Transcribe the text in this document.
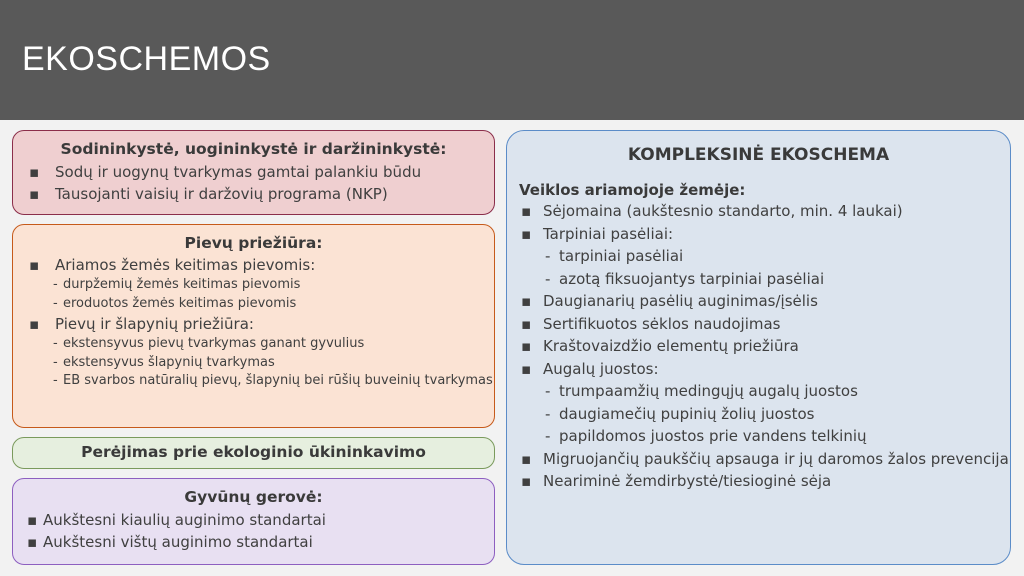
EKOSCHEMOS
Sodininkystė, uogininkystė ir daržininkystė:
▪ Sodų ir uogynų tvarkymas gamtai palankiu būdu
▪ Tausojanti vaisių ir daržovių programa (NKP)
Pievų priežiūra:
▪ Ariamos žemės keitimas pievomis:
- durpžemių žemės keitimas pievomis
- eroduotos žemės keitimas pievomis
▪ Pievų ir šlapynių priežiūra:
- ekstensyvus pievų tvarkymas ganant gyvulius
- ekstensyvus šlapynių tvarkymas
- EB svarbos natūralių pievų, šlapynių bei rūšių buveinių tvarkymas
Perėjimas prie ekologinio ūkininkavimo
Gyvūnų gerovė:
▪ Aukštesni kiaulių auginimo standartai
▪ Aukštesni vištų auginimo standartai
KOMPLEKSINĖ EKOSCHEMA
Veiklos ariamojoje žemėje:
▪ Sėjomaina (aukštesnio standarto, min. 4 laukai)
▪ Tarpiniai pasėliai:
- tarpiniai pasėliai
- azotą fiksuojantys tarpiniai pasėliai
▪ Daugianarių pasėlių auginimas/įsėlis
▪ Sertifikuotos sėklos naudojimas
▪ Kraštovaizdžio elementų priežiūra
▪ Augalų juostos:
- trumpaamžių medingųjų augalų juostos
- daugiamečių pupinių žolių juostos
- papildomos juostos prie vandens telkinių
▪ Migruojančių paukščių apsauga ir jų daromos žalos prevencija
▪ Neariminė žemdirbystė/tiesioginė sėja
